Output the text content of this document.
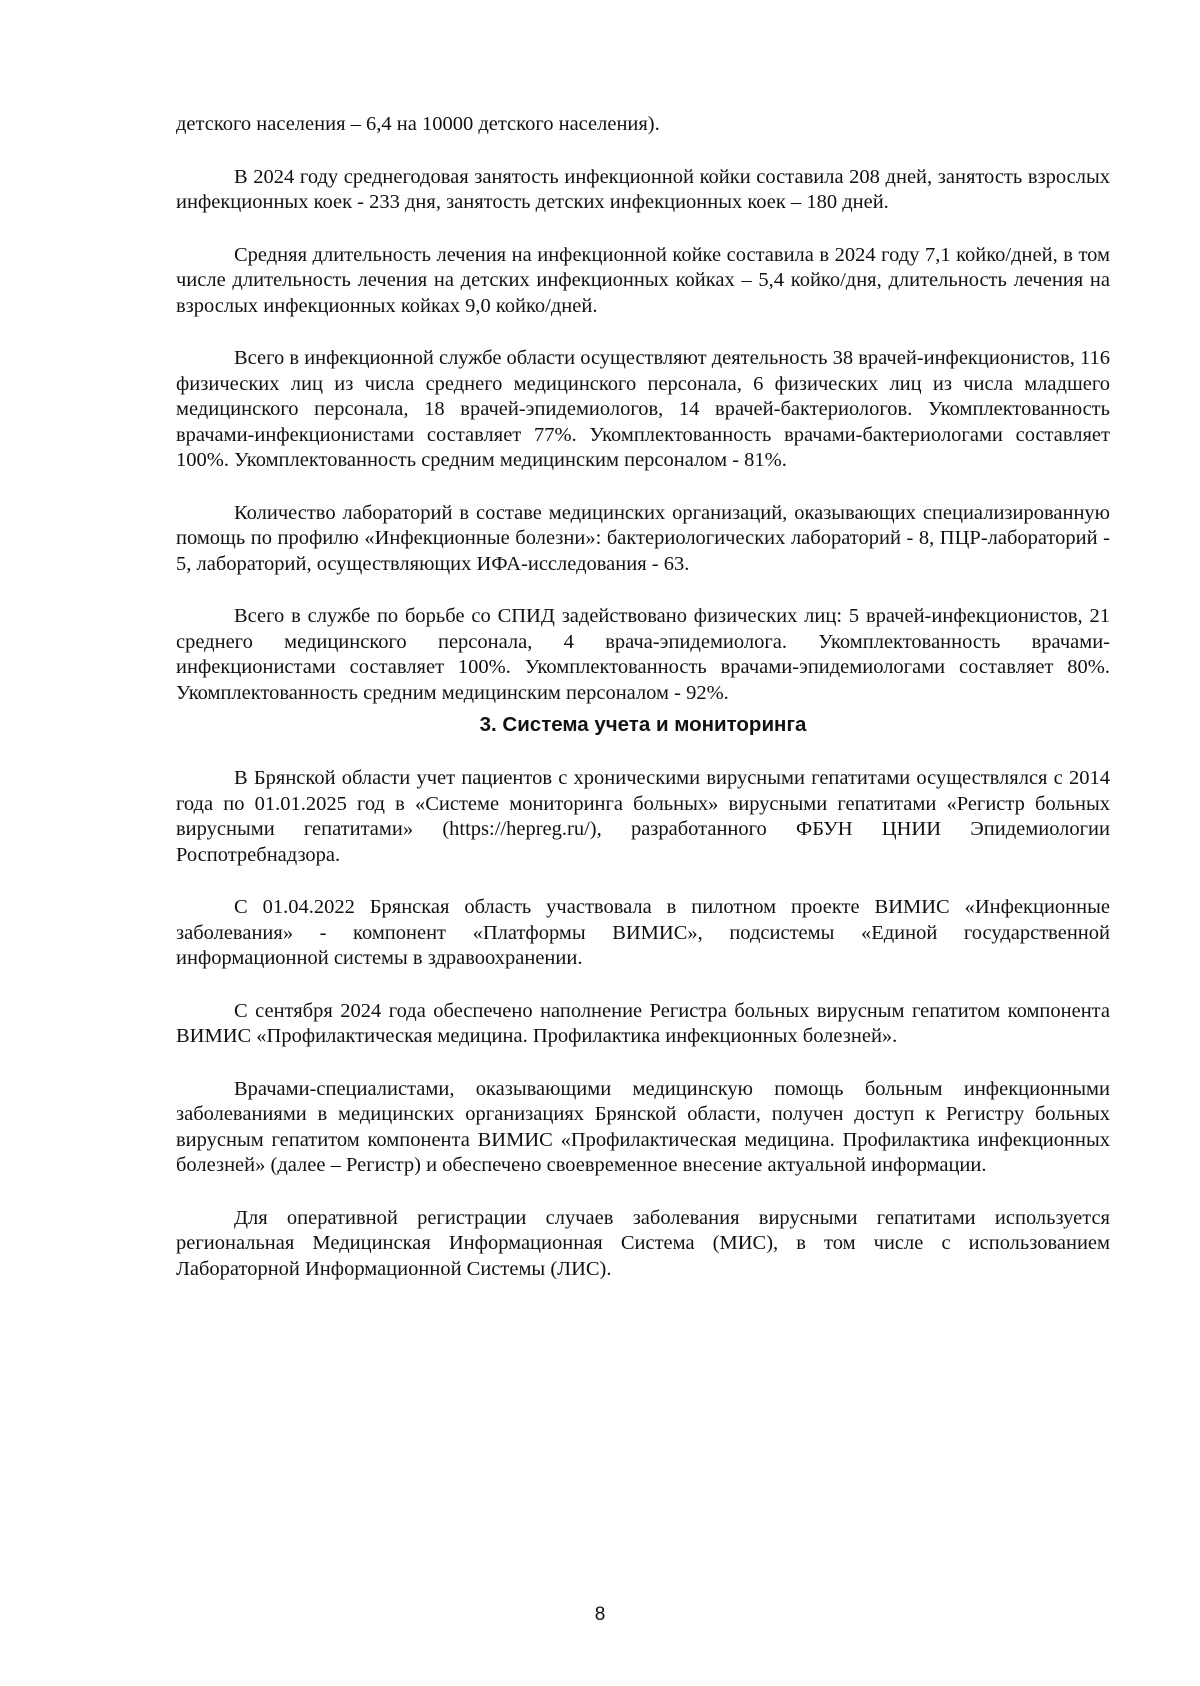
детского населения – 6,4 на 10000 детского населения).

В 2024 году среднегодовая занятость инфекционной койки составила 208 дней, занятость взрослых инфекционных коек - 233 дня, занятость детских инфекционных коек – 180 дней.

Средняя длительность лечения на инфекционной койке составила в 2024 году 7,1 койко/дней, в том числе длительность лечения на детских инфекционных койках – 5,4 койко/дня, длительность лечения на взрослых инфекционных койках 9,0 койко/дней.

Всего в инфекционной службе области осуществляют деятельность 38 врачей-инфекционистов, 116 физических лиц из числа среднего медицинского персонала, 6 физических лиц из числа младшего медицинского персонала, 18 врачей-эпидемиологов, 14 врачей-бактериологов. Укомплектованность врачами-инфекционистами составляет 77%. Укомплектованность врачами-бактериологами составляет 100%. Укомплектованность средним медицинским персоналом - 81%.

Количество лабораторий в составе медицинских организаций, оказывающих специализированную помощь по профилю «Инфекционные болезни»: бактериологических лабораторий - 8, ПЦР-лабораторий - 5, лабораторий, осуществляющих ИФА-исследования - 63.

Всего в службе по борьбе со СПИД задействовано физических лиц: 5 врачей-инфекционистов, 21 среднего медицинского персонала, 4 врача-эпидемиолога. Укомплектованность врачами-инфекционистами составляет 100%. Укомплектованность врачами-эпидемиологами составляет 80%. Укомплектованность средним медицинским персоналом - 92%.

3. Система учета и мониторинга

В Брянской области учет пациентов с хроническими вирусными гепатитами осуществлялся с 2014 года по 01.01.2025 год в «Системе мониторинга больных» вирусными гепатитами «Регистр больных вирусными гепатитами» (https://hepreg.ru/), разработанного ФБУН ЦНИИ Эпидемиологии Роспотребнадзора.

С 01.04.2022 Брянская область участвовала в пилотном проекте ВИМИС «Инфекционные заболевания» - компонент «Платформы ВИМИС», подсистемы «Единой государственной информационной системы в здравоохранении.

С сентября 2024 года обеспечено наполнение Регистра больных вирусным гепатитом компонента ВИМИС «Профилактическая медицина. Профилактика инфекционных болезней».

Врачами-специалистами, оказывающими медицинскую помощь больным инфекционными заболеваниями в медицинских организациях Брянской области, получен доступ к Регистру больных вирусным гепатитом компонента ВИМИС «Профилактическая медицина. Профилактика инфекционных болезней» (далее – Регистр) и обеспечено своевременное внесение актуальной информации.

Для оперативной регистрации случаев заболевания вирусными гепатитами используется региональная Медицинская Информационная Система (МИС), в том числе с использованием Лабораторной Информационной Системы (ЛИС).

8
